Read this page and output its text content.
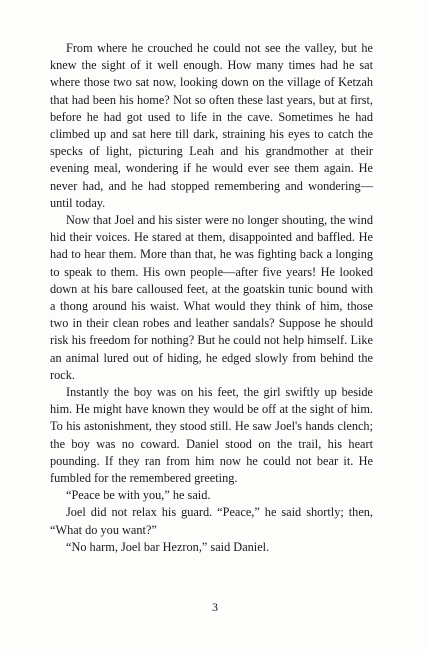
From where he crouched he could not see the valley, but he knew the sight of it well enough. How many times had he sat where those two sat now, looking down on the village of Ketzah that had been his home? Not so often these last years, but at first, before he had got used to life in the cave. Sometimes he had climbed up and sat here till dark, straining his eyes to catch the specks of light, picturing Leah and his grandmother at their evening meal, wondering if he would ever see them again. He never had, and he had stopped remembering and wondering—until today.

Now that Joel and his sister were no longer shouting, the wind hid their voices. He stared at them, disappointed and baffled. He had to hear them. More than that, he was fighting back a longing to speak to them. His own people—after five years! He looked down at his bare calloused feet, at the goatskin tunic bound with a thong around his waist. What would they think of him, those two in their clean robes and leather sandals? Suppose he should risk his freedom for nothing? But he could not help himself. Like an animal lured out of hiding, he edged slowly from behind the rock.

Instantly the boy was on his feet, the girl swiftly up beside him. He might have known they would be off at the sight of him. To his astonishment, they stood still. He saw Joel's hands clench; the boy was no coward. Daniel stood on the trail, his heart pounding. If they ran from him now he could not bear it. He fumbled for the remembered greeting.

“Peace be with you,” he said.

Joel did not relax his guard. “Peace,” he said shortly; then, “What do you want?”

“No harm, Joel bar Hezron,” said Daniel.

3
